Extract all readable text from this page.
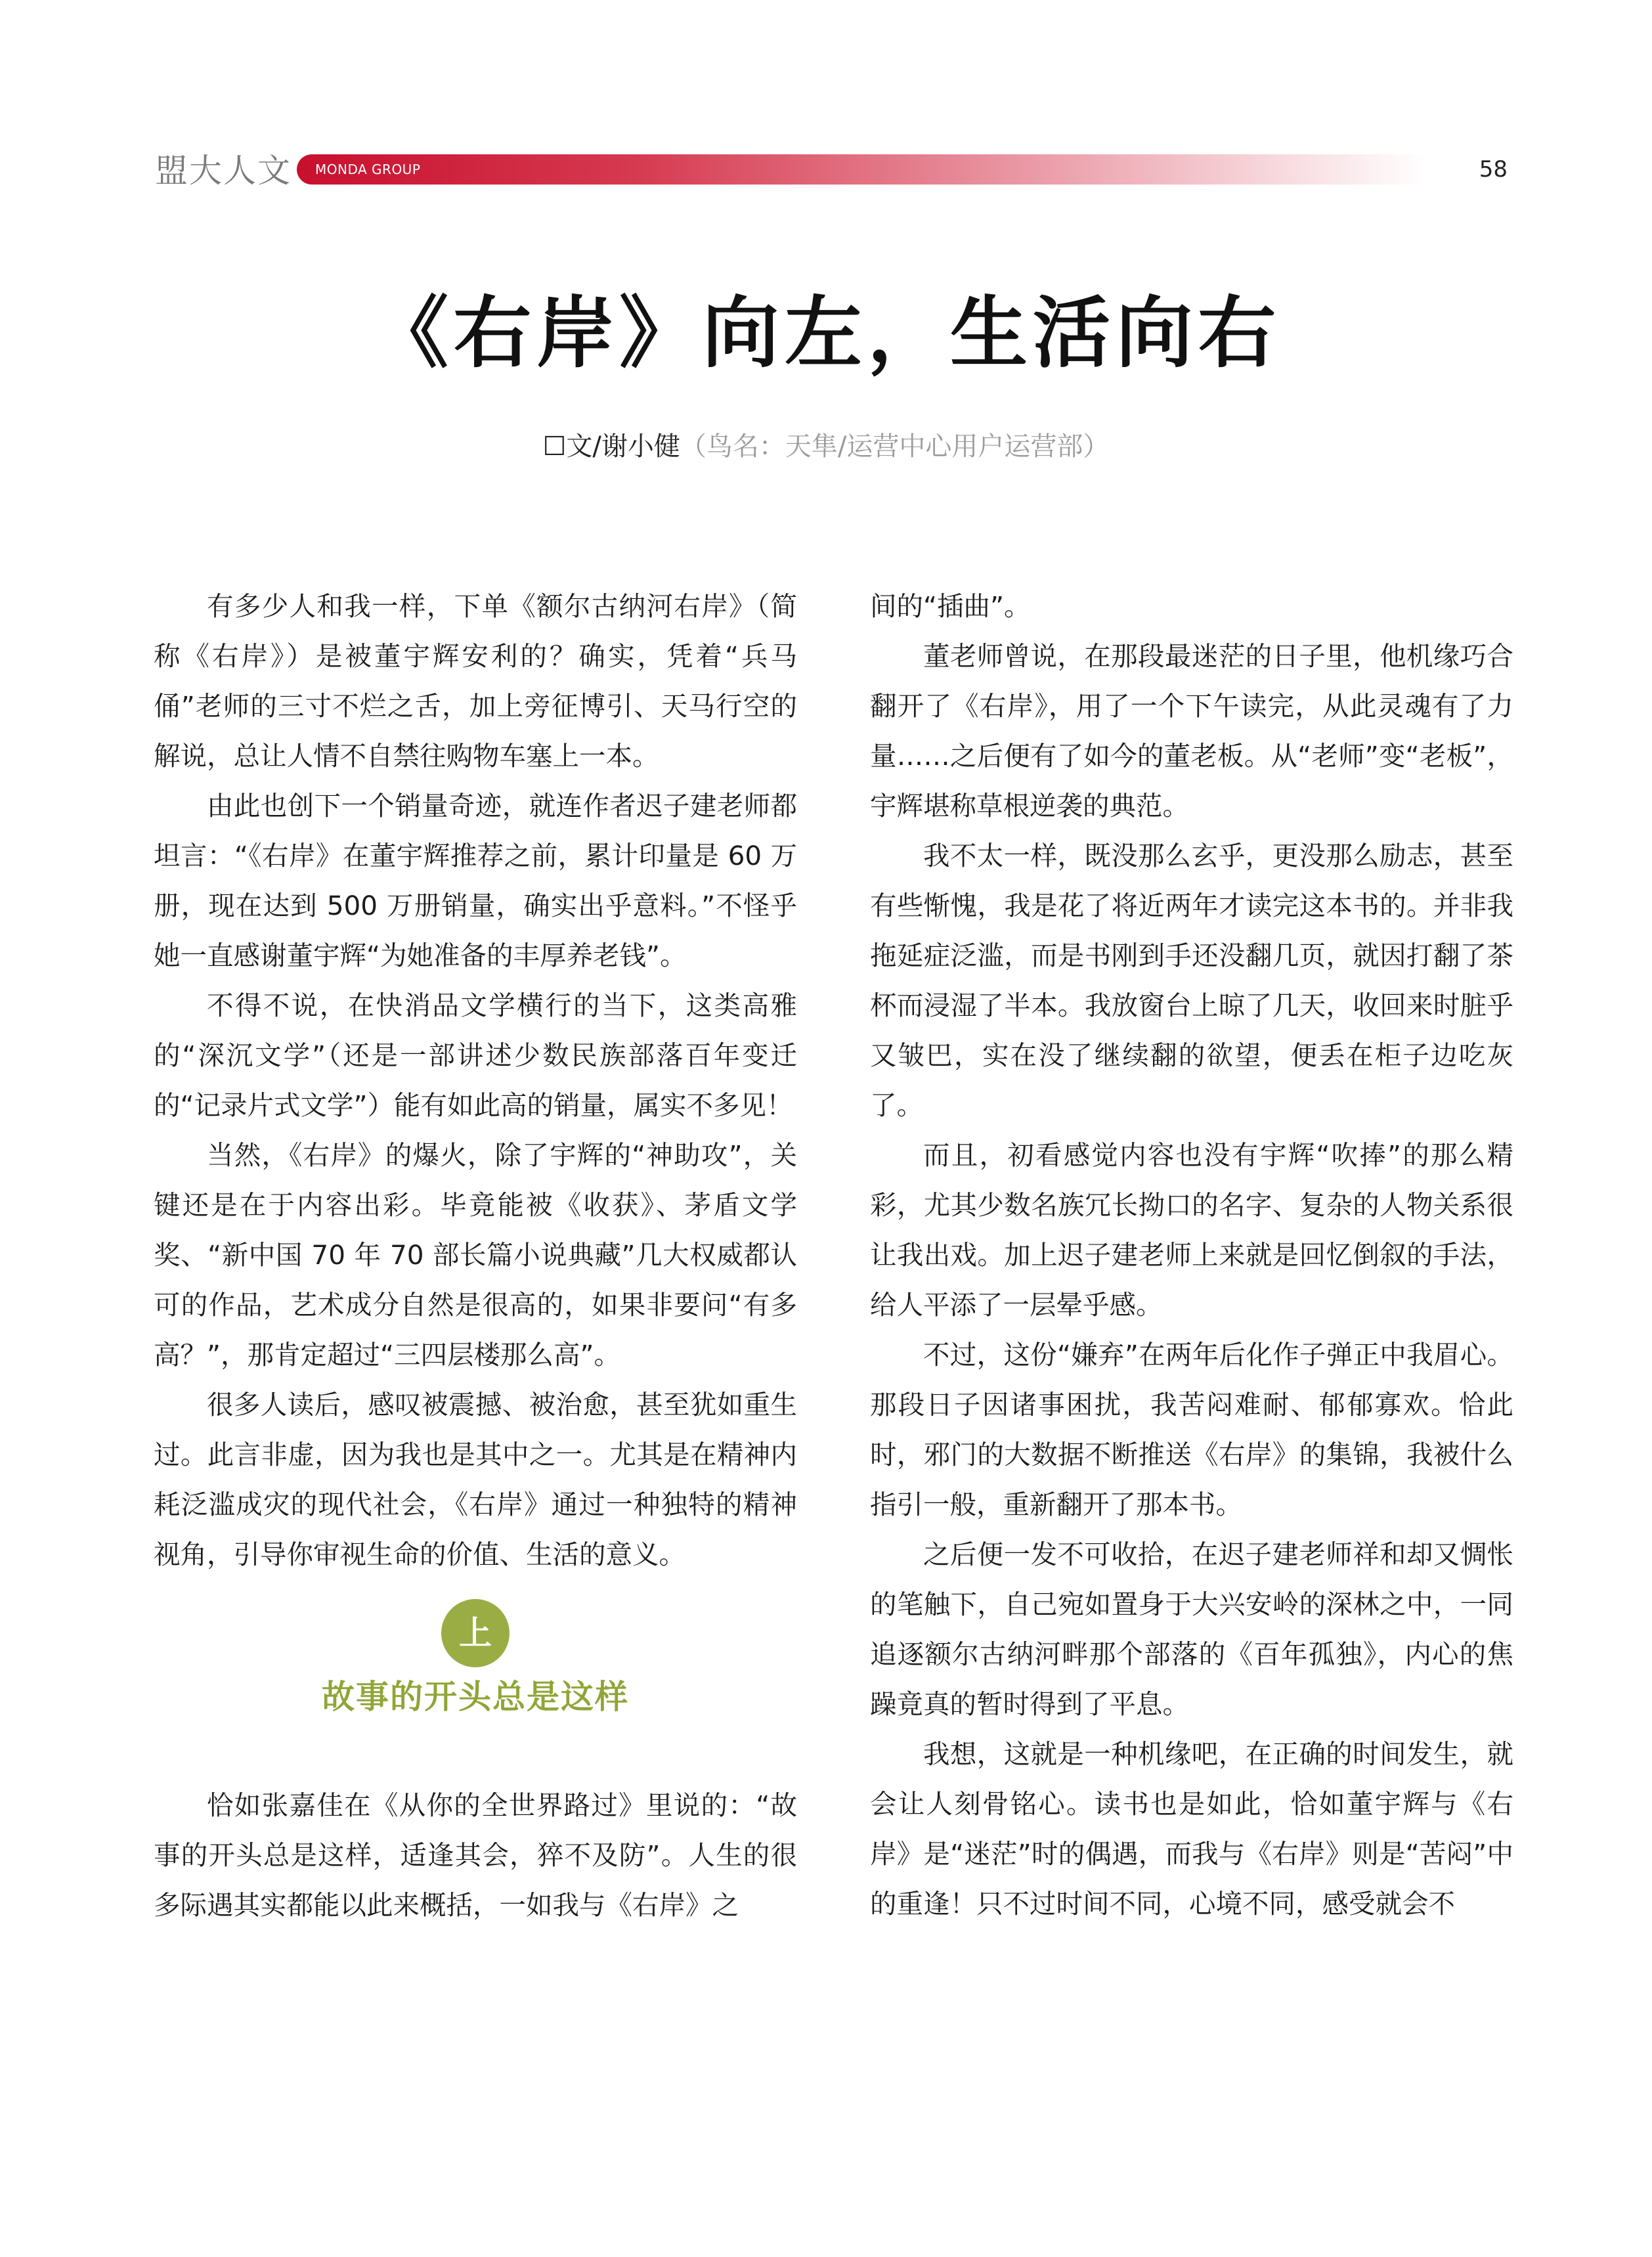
盟大人文 MONDA GROUP	58
《右岸》向左，生活向右
☐文/谢小健（鸟名：天隼/运营中心用户运营部）

有多少人和我一样，下单《额尔古纳河右岸》（简称《右岸》）是被董宇辉安利的？确实，凭着“兵马俑”老师的三寸不烂之舌，加上旁征博引、天马行空的解说，总让人情不自禁往购物车塞上一本。

由此也创下一个销量奇迹，就连作者迟子建老师都坦言：“《右岸》在董宇辉推荐之前，累计印量是 60 万册，现在达到 500 万册销量，确实出乎意料。”不怪乎她一直感谢董宇辉“为她准备的丰厚养老钱”。

不得不说，在快消品文学横行的当下，这类高雅的“深沉文学”（还是一部讲述少数民族部落百年变迁的“记录片式文学”）能有如此高的销量，属实不多见！

当然，《右岸》的爆火，除了宇辉的“神助攻”，关键还是在于内容出彩。毕竟能被《收获》、茅盾文学奖、“新中国 70 年 70 部长篇小说典藏”几大权威都认可的作品，艺术成分自然是很高的，如果非要问“有多高？”，那肯定超过“三四层楼那么高”。

很多人读后，感叹被震撼、被治愈，甚至犹如重生过。此言非虚，因为我也是其中之一。尤其是在精神内耗泛滥成灾的现代社会，《右岸》通过一种独特的精神视角，引导你审视生命的价值、生活的意义。

上
故事的开头总是这样

恰如张嘉佳在《从你的全世界路过》里说的：“故事的开头总是这样，适逢其会，猝不及防”。人生的很多际遇其实都能以此来概括，一如我与《右岸》之

间的“插曲”。

董老师曾说，在那段最迷茫的日子里，他机缘巧合翻开了《右岸》，用了一个下午读完，从此灵魂有了力量……之后便有了如今的董老板。从“老师”变“老板”，宇辉堪称草根逆袭的典范。

我不太一样，既没那么玄乎，更没那么励志，甚至有些惭愧，我是花了将近两年才读完这本书的。并非我拖延症泛滥，而是书刚到手还没翻几页，就因打翻了茶杯而浸湿了半本。我放窗台上晾了几天，收回来时脏乎又皱巴，实在没了继续翻的欲望，便丢在柜子边吃灰了。

而且，初看感觉内容也没有宇辉“吹捧”的那么精彩，尤其少数名族冗长拗口的名字、复杂的人物关系很让我出戏。加上迟子建老师上来就是回忆倒叙的手法，给人平添了一层晕乎感。

不过，这份“嫌弃”在两年后化作子弹正中我眉心。那段日子因诸事困扰，我苦闷难耐、郁郁寡欢。恰此时，邪门的大数据不断推送《右岸》的集锦，我被什么指引一般，重新翻开了那本书。

之后便一发不可收拾，在迟子建老师祥和却又惆怅的笔触下，自己宛如置身于大兴安岭的深林之中，一同追逐额尔古纳河畔那个部落的《百年孤独》，内心的焦躁竟真的暂时得到了平息。

我想，这就是一种机缘吧，在正确的时间发生，就会让人刻骨铭心。读书也是如此，恰如董宇辉与《右岸》是“迷茫”时的偶遇，而我与《右岸》则是“苦闷”中的重逢！只不过时间不同，心境不同，感受就会不
